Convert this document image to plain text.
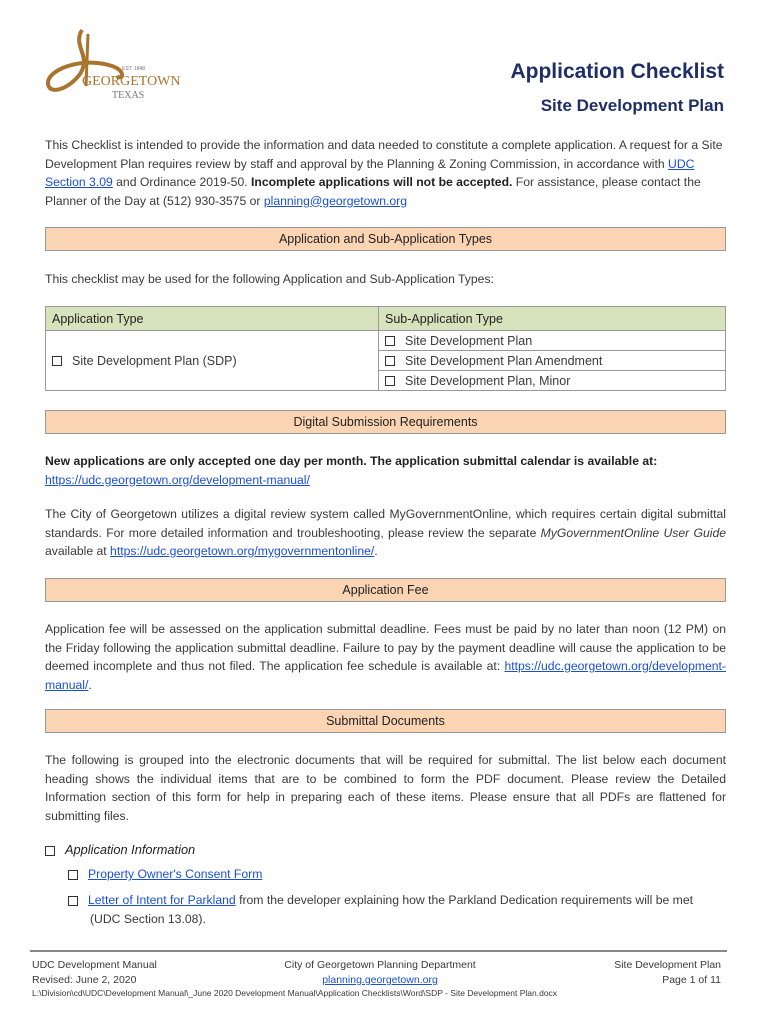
GEORGETOWN
TEXAS
EST. 1848	Application Checklist
Site Development Plan
This Checklist is intended to provide the information and data needed to constitute a complete application. A request for a Site Development Plan requires review by staff and approval by the Planning & Zoning Commission, in accordance with UDC Section 3.09 and Ordinance 2019-50. Incomplete applications will not be accepted. For assistance, please contact the Planner of the Day at (512) 930-3575 or planning@georgetown.org
Application and Sub-Application Types
This checklist may be used for the following Application and Sub-Application Types:
Application Type	Sub-Application Type
Site Development Plan (SDP)	Site Development Plan
	Site Development Plan Amendment
	Site Development Plan, Minor
Digital Submission Requirements
New applications are only accepted one day per month. The application submittal calendar is available at:
https://udc.georgetown.org/development-manual/
The City of Georgetown utilizes a digital review system called MyGovernmentOnline, which requires certain digital submittal standards. For more detailed information and troubleshooting, please review the separate MyGovernmentOnline User Guide available at https://udc.georgetown.org/mygovernmentonline/.
Application Fee
Application fee will be assessed on the application submittal deadline. Fees must be paid by no later than noon (12 PM) on the Friday following the application submittal deadline. Failure to pay by the payment deadline will cause the application to be deemed incomplete and thus not filed. The application fee schedule is available at: https://udc.georgetown.org/development-manual/.
Submittal Documents
The following is grouped into the electronic documents that will be required for submittal. The list below each document heading shows the individual items that are to be combined to form the PDF document. Please review the Detailed Information section of this form for help in preparing each of these items. Please ensure that all PDFs are flattened for submitting files.
Application Information
Property Owner's Consent Form
Letter of Intent for Parkland from the developer explaining how the Parkland Dedication requirements will be met (UDC Section 13.08).
UDC Development Manual
Revised: June 2, 2020
City of Georgetown Planning Department
planning.georgetown.org
Site Development Plan
Page 1 of 11
L:\Division\cd\UDC\Development Manual\_June 2020 Development Manual\Application Checklists\Word\SDP - Site Development Plan.docx
